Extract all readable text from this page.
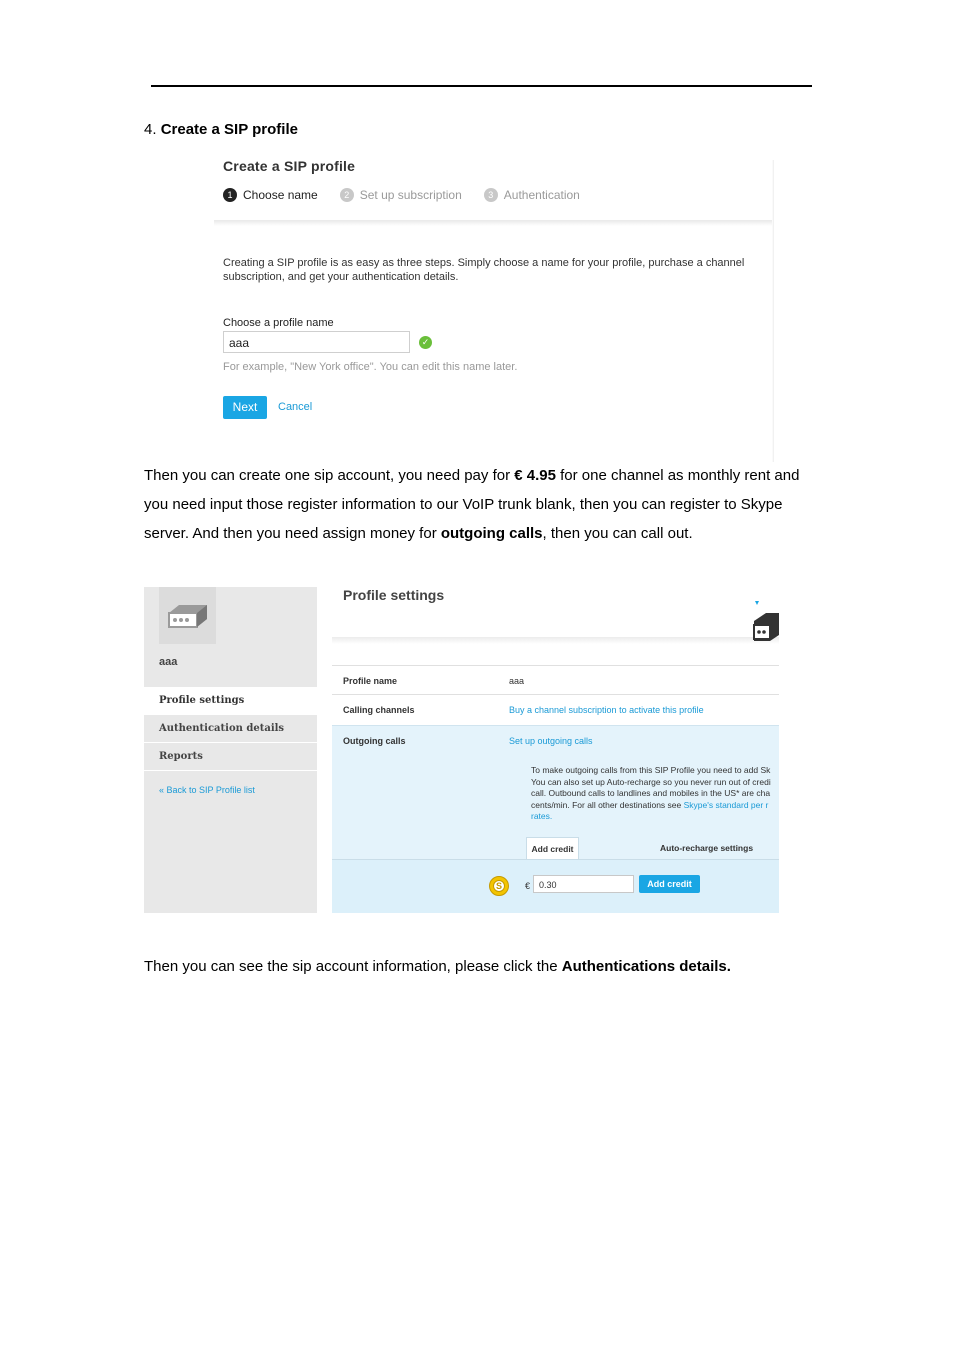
4. Create a SIP profile
Create a SIP profile
1 Choose name	2 Set up subscription	3 Authentication
Creating a SIP profile is as easy as three steps. Simply choose a name for your profile, purchase a channel subscription, and get your authentication details.
Choose a profile name
aaa	✓
For example, "New York office". You can edit this name later.
Next	Cancel
Then you can create one sip account, you need pay for € 4.95 for one channel as monthly rent and you need input those register information to our VoIP trunk blank, then you can register to Skype server. And then you need assign money for outgoing calls, then you can call out.
aaa
Profile settings
Authentication details
Reports
« Back to SIP Profile list
Profile settings
Profile name	aaa
Calling channels	Buy a channel subscription to activate this profile
Outgoing calls	Set up outgoing calls
To make outgoing calls from this SIP Profile you need to add Sk
You can also set up Auto-recharge so you never run out of credi
call. Outbound calls to landlines and mobiles in the US* are cha
cents/min. For all other destinations see Skype's standard per r
rates.
Add credit	Auto-recharge settings
S	€ 0.30	Add credit
Then you can see the sip account information, please click the Authentications details.
